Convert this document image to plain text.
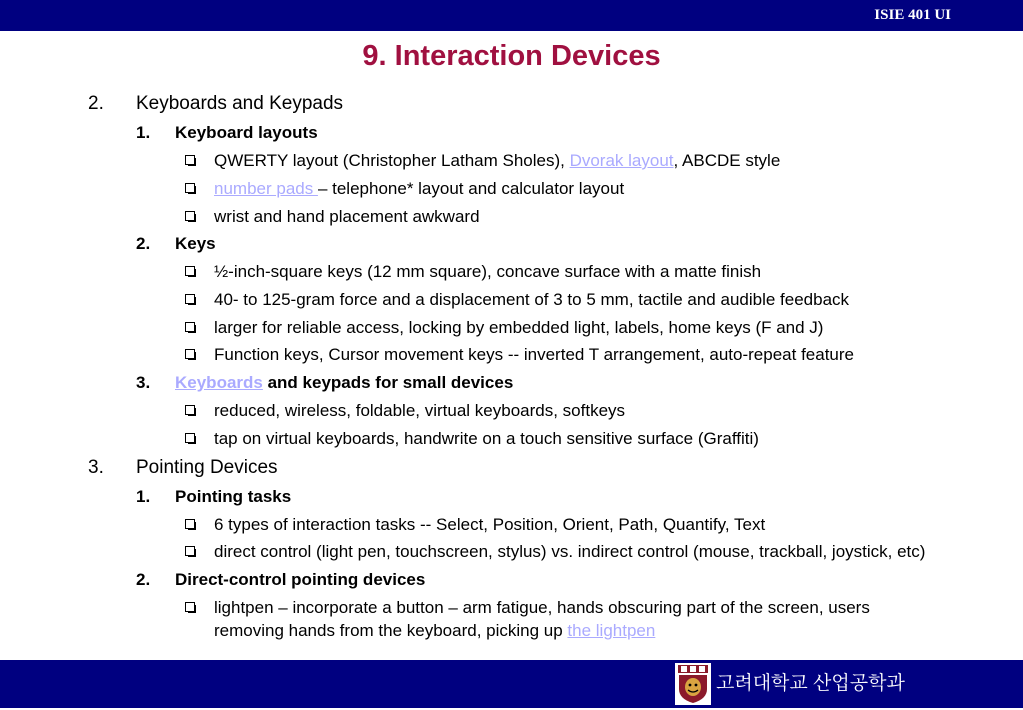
ISIE 401 UI
9. Interaction Devices
2. Keyboards and Keypads
1. Keyboard layouts
QWERTY layout (Christopher Latham Sholes), Dvorak layout, ABCDE style
number pads – telephone* layout and calculator layout
wrist and hand placement awkward
2. Keys
½-inch-square keys (12 mm square), concave surface with a matte finish
40- to 125-gram force and a displacement of 3 to 5 mm, tactile and audible feedback
larger for reliable access, locking by embedded light, labels, home keys (F and J)
Function keys, Cursor movement keys -- inverted T arrangement, auto-repeat feature
3. Keyboards and keypads for small devices
reduced, wireless, foldable, virtual keyboards, softkeys
tap on virtual keyboards, handwrite on a touch sensitive surface (Graffiti)
3. Pointing Devices
1. Pointing tasks
6 types of interaction tasks -- Select, Position, Orient, Path, Quantify, Text
direct control (light pen, touchscreen, stylus) vs. indirect control (mouse, trackball, joystick, etc)
2. Direct-control pointing devices
lightpen – incorporate a button – arm fatigue, hands obscuring part of the screen, users
removing hands from the keyboard, picking up the lightpen
고려대학교 산업공학과
